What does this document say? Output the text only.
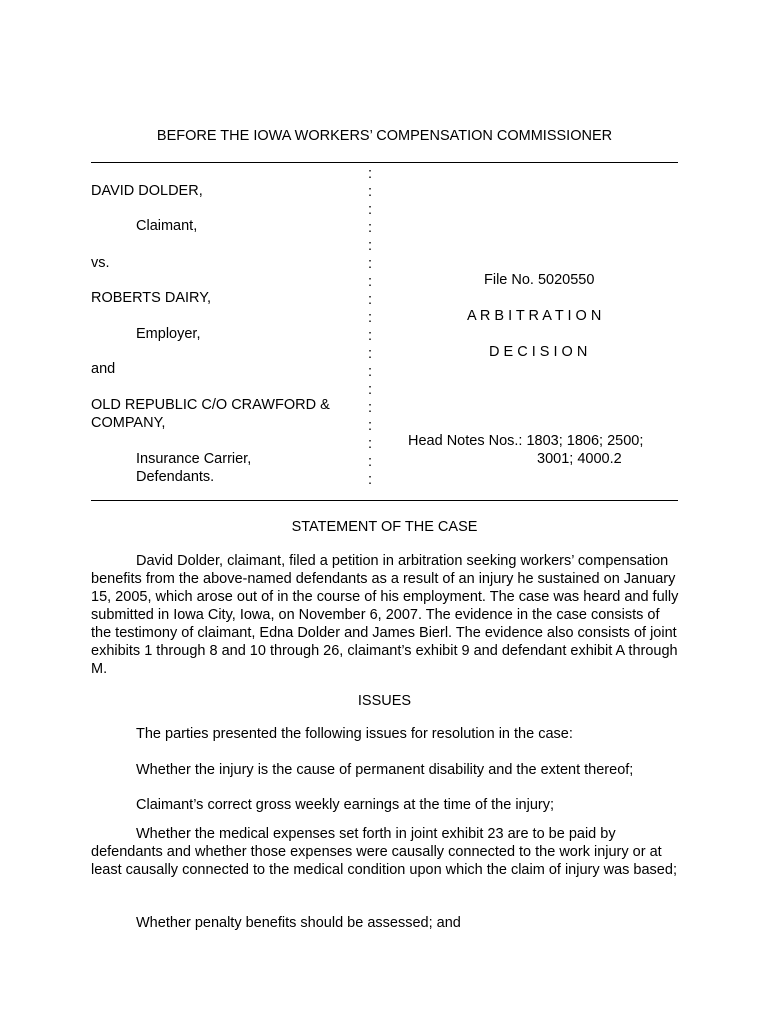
BEFORE THE IOWA WORKERS’ COMPENSATION COMMISSIONER
DAVID DOLDER,
Claimant,
vs.
ROBERTS DAIRY,
Employer,
and
OLD REPUBLIC C/O CRAWFORD &
COMPANY,
Insurance Carrier,
Defendants.
:
:
:
:
:
:
:
:
:
:
:
:
:
:
:
:
:
:

File No. 5020550
A R B I T R A T I O N
D E C I S I O N
Head Notes Nos.: 1803; 1806; 2500;
3001; 4000.2
STATEMENT OF THE CASE
David Dolder, claimant, filed a petition in arbitration seeking workers’ compensation benefits from the above-named defendants as a result of an injury he sustained on January 15, 2005, which arose out of in the course of his employment. The case was heard and fully submitted in Iowa City, Iowa, on November 6, 2007. The evidence in the case consists of the testimony of claimant, Edna Dolder and James Bierl. The evidence also consists of joint exhibits 1 through 8 and 10 through 26, claimant’s exhibit 9 and defendant exhibit A through M.
ISSUES
The parties presented the following issues for resolution in the case:
Whether the injury is the cause of permanent disability and the extent thereof;
Claimant’s correct gross weekly earnings at the time of the injury;
Whether the medical expenses set forth in joint exhibit 23 are to be paid by defendants and whether those expenses were causally connected to the work injury or at least causally connected to the medical condition upon which the claim of injury was based;
Whether penalty benefits should be assessed; and
